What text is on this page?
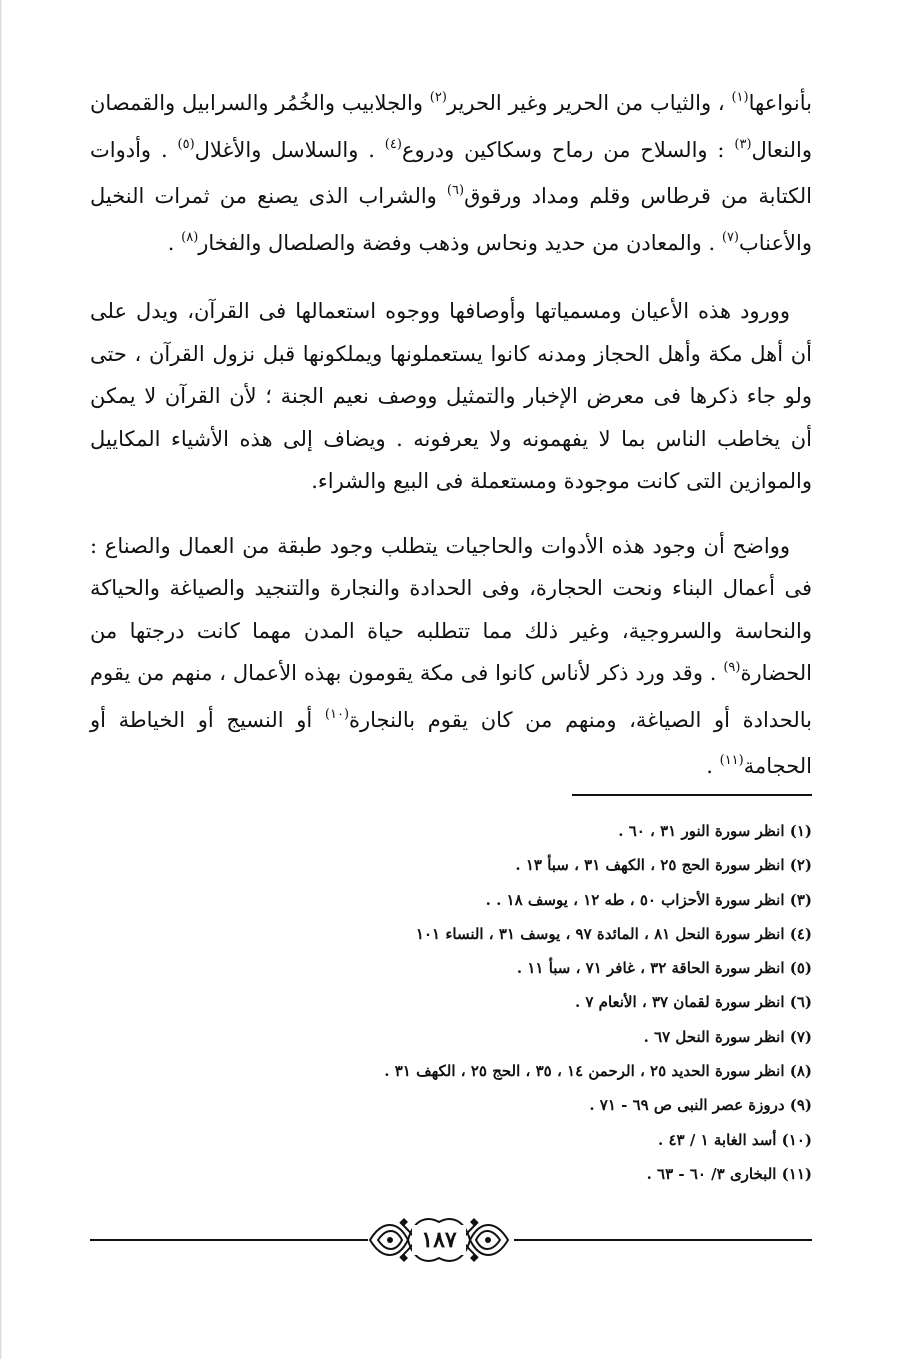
بأنواعها$^{(١)}$ ، والثياب من الحرير وغير الحرير$^{(٢)}$ والجلابيب والخُمُر والسرابيل والقمصان والنعال$^{(٣)}$ : والسلاح من رماح وسكاكين ودروع$^{(٤)}$ . والسلاسل والأغلال$^{(٥)}$ . وأدوات الكتابة من قرطاس وقلم ومداد ورقوق$^{(٦)}$ والشراب الذى يصنع من ثمرات النخيل والأعناب$^{(٧)}$ . والمعادن من حديد ونحاس وذهب وفضة والصلصال والفخار$^{(٨)}$ .

وورود هذه الأعيان ومسمياتها وأوصافها ووجوه استعمالها فى القرآن، ويدل على أن أهل مكة وأهل الحجاز ومدنه كانوا يستعملونها ويملكونها قبل نزول القرآن ، حتى ولو جاء ذكرها فى معرض الإخبار والتمثيل ووصف نعيم الجنة ؛ لأن القرآن لا يمكن أن يخاطب الناس بما لا يفهمونه ولا يعرفونه . ويضاف إلى هذه الأشياء المكاييل والموازين التى كانت موجودة ومستعملة فى البيع والشراء.

وواضح أن وجود هذه الأدوات والحاجيات يتطلب وجود طبقة من العمال والصناع : فى أعمال البناء ونحت الحجارة، وفى الحدادة والنجارة والتنجيد والصياغة والحياكة والنحاسة والسروجية، وغير ذلك مما تتطلبه حياة المدن مهما كانت درجتها من الحضارة$^{(٩)}$ . وقد ورد ذكر لأناس كانوا فى مكة يقومون بهذه الأعمال ، منهم من يقوم بالحدادة أو الصياغة، ومنهم من كان يقوم بالنجارة$^{(١٠)}$ أو النسيج أو الخياطة أو الحجامة$^{(١١)}$ .

(١) انظر سورة النور ٣١ ، ٦٠ .
(٢) انظر سورة الحج ٢٥ ، الكهف ٣١ ، سبأ ١٣ .
(٣) انظر سورة الأحزاب ٥٠ ، طه ١٢ ، يوسف ١٨ . .
(٤) انظر سورة النحل ٨١ ، المائدة ٩٧ ، يوسف ٣١ ، النساء ١٠١
(٥) انظر سورة الحاقة ٣٢ ، غافر ٧١ ، سبأ ١١ .
(٦) انظر سورة لقمان ٣٧ ، الأنعام ٧ .
(٧) انظر سورة النحل ٦٧ .
(٨) انظر سورة الحديد ٢٥ ، الرحمن ١٤ ، ٣٥ ، الحج ٢٥ ، الكهف ٣١ .
(٩) دروزة عصر النبى ص ٦٩ - ٧١ .
(١٠) أسد الغابة ١ / ٤٣ .
(١١) البخارى ٣/ ٦٠ - ٦٣ .
١٨٧
